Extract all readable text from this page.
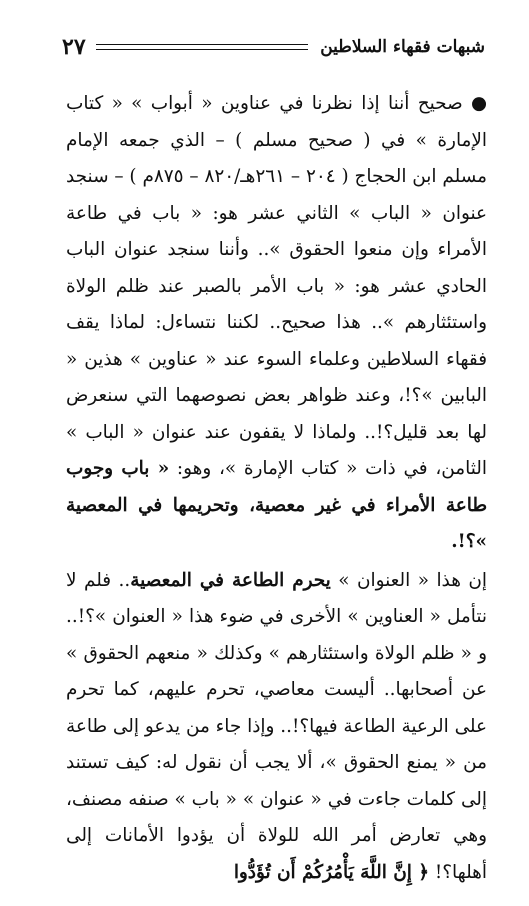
شبهات فقهاء السلاطين
٢٧

● صحيح أننا إذا نظرنا في عناوين « أبواب » « كتاب الإمارة » في ( صحيح مسلم ) – الذي جمعه الإمام مسلم ابن الحجاج ( ٢٠٤ – ٢٦١هـ/٨٢٠ – ٨٧٥م ) – سنجد عنوان « الباب » الثاني عشر هو: « باب في طاعة الأمراء وإن منعوا الحقوق ».. وأننا سنجد عنوان الباب الحادي عشر هو: « باب الأمر بالصبر عند ظلم الولاة واستئثارهم ».. هذا صحيح.. لكننا نتساءل: لماذا يقف فقهاء السلاطين وعلماء السوء عند « عناوين » هذين « البابين »؟!، وعند ظواهر بعض نصوصهما التي سنعرض لها بعد قليل؟!.. ولماذا لا يقفون عند عنوان « الباب » الثامن، في ذات « كتاب الإمارة »، وهو: « باب وجوب طاعة الأمراء في غير معصية، وتحريمها في المعصية »؟!.

إن هذا « العنوان » يحرم الطاعة في المعصية.. فلم لا نتأمل « العناوين » الأخرى في ضوء هذا « العنوان »؟!.. و « ظلم الولاة واستئثارهم » وكذلك « منعهم الحقوق » عن أصحابها.. أليست معاصي، تحرم عليهم، كما تحرم على الرعية الطاعة فيها؟!.. وإذا جاء من يدعو إلى طاعة من « يمنع الحقوق »، ألا يجب أن نقول له: كيف تستند إلى كلمات جاءت في « عنوان » « باب » صنفه مصنف، وهي تعارض أمر الله للولاة أن يؤدوا الأمانات إلى أهلها؟! ﴿ إِنَّ اللَّهَ يَأْمُرُكُمْ أَن تُؤَدُّوا
